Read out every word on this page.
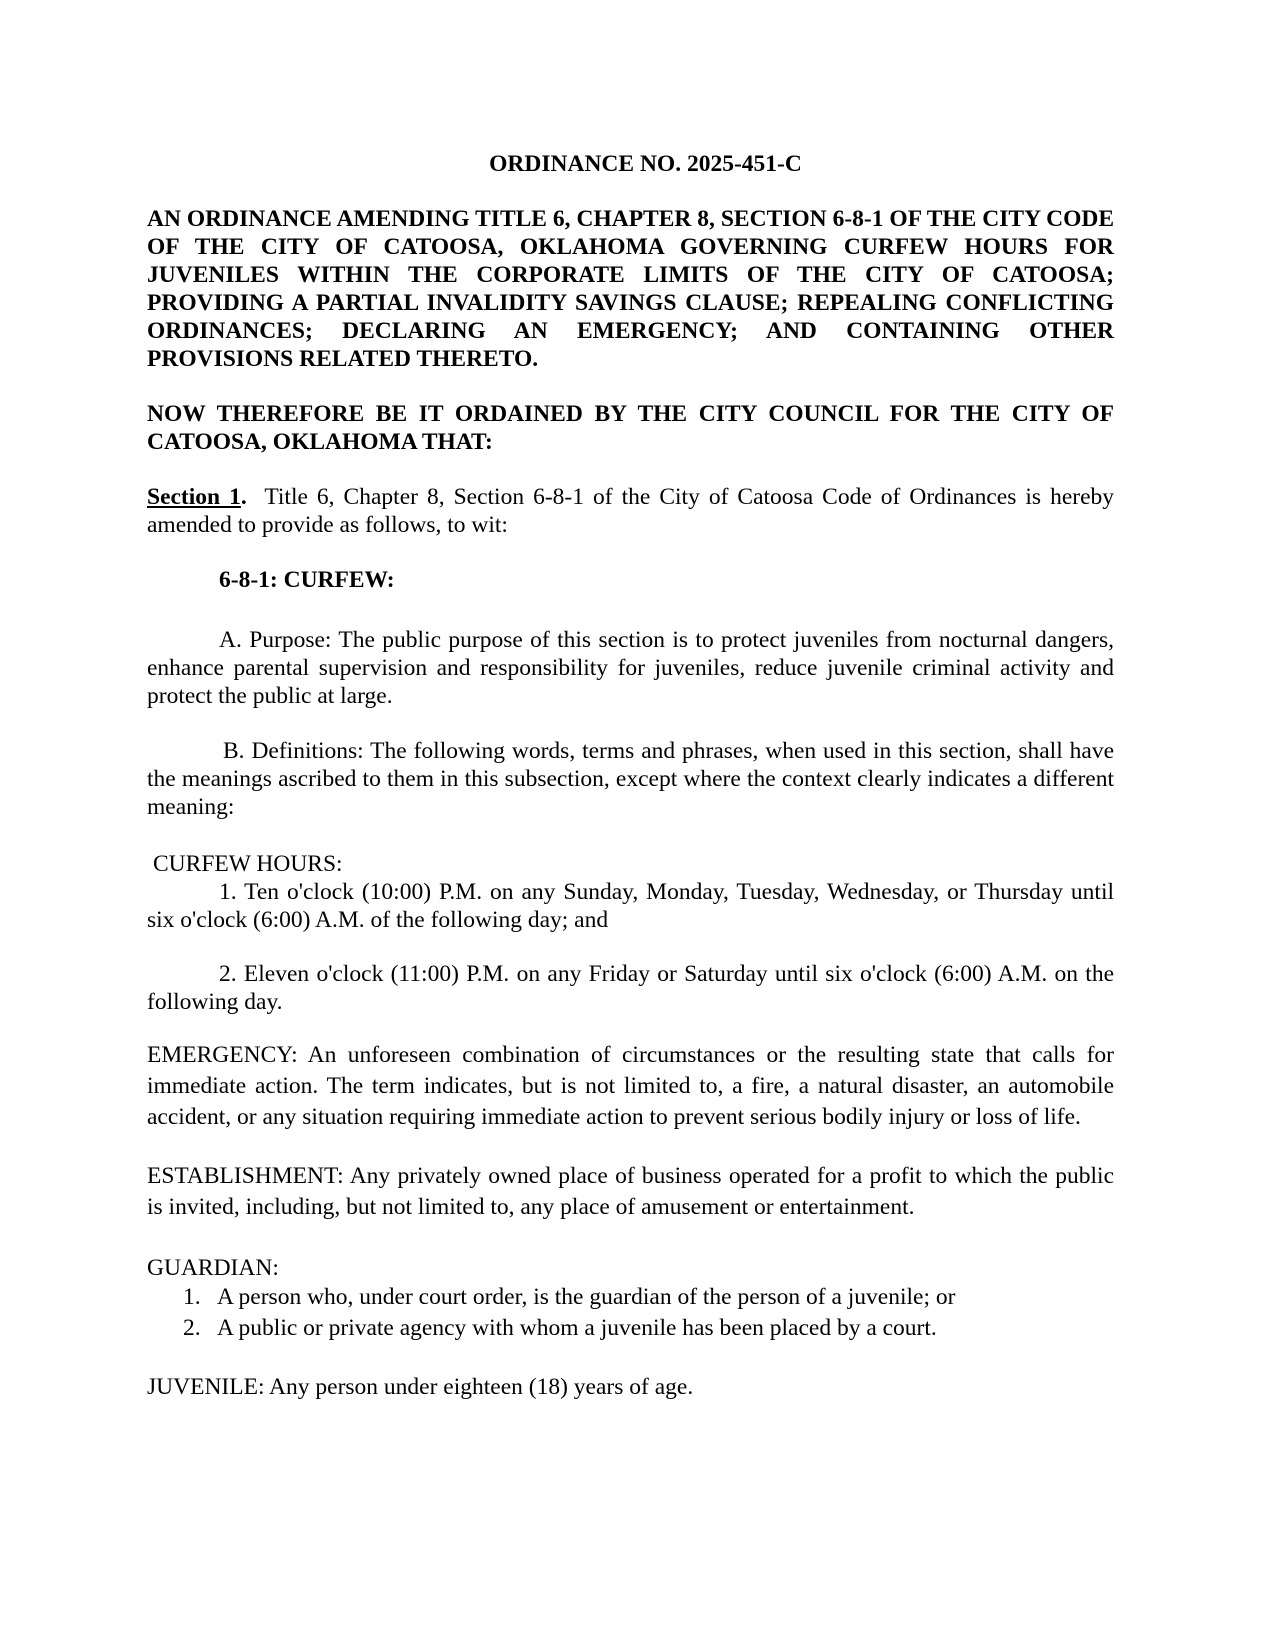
ORDINANCE NO. 2025-451-C

AN ORDINANCE AMENDING TITLE 6, CHAPTER 8, SECTION 6-8-1 OF THE CITY CODE OF THE CITY OF CATOOSA, OKLAHOMA GOVERNING CURFEW HOURS FOR JUVENILES WITHIN THE CORPORATE LIMITS OF THE CITY OF CATOOSA; PROVIDING A PARTIAL INVALIDITY SAVINGS CLAUSE; REPEALING CONFLICTING ORDINANCES; DECLARING AN EMERGENCY; AND CONTAINING OTHER PROVISIONS RELATED THERETO.

NOW THEREFORE BE IT ORDAINED BY THE CITY COUNCIL FOR THE CITY OF CATOOSA, OKLAHOMA THAT:

Section 1. Title 6, Chapter 8, Section 6-8-1 of the City of Catoosa Code of Ordinances is hereby amended to provide as follows, to wit:

6-8-1: CURFEW:

A. Purpose: The public purpose of this section is to protect juveniles from nocturnal dangers, enhance parental supervision and responsibility for juveniles, reduce juvenile criminal activity and protect the public at large.

B. Definitions: The following words, terms and phrases, when used in this section, shall have the meanings ascribed to them in this subsection, except where the context clearly indicates a different meaning:

CURFEW HOURS:

1. Ten o'clock (10:00) P.M. on any Sunday, Monday, Tuesday, Wednesday, or Thursday until six o'clock (6:00) A.M. of the following day; and

2. Eleven o'clock (11:00) P.M. on any Friday or Saturday until six o'clock (6:00) A.M. on the following day.

EMERGENCY: An unforeseen combination of circumstances or the resulting state that calls for immediate action. The term indicates, but is not limited to, a fire, a natural disaster, an automobile accident, or any situation requiring immediate action to prevent serious bodily injury or loss of life.

ESTABLISHMENT: Any privately owned place of business operated for a profit to which the public is invited, including, but not limited to, any place of amusement or entertainment.

GUARDIAN:

1. A person who, under court order, is the guardian of the person of a juvenile; or
2. A public or private agency with whom a juvenile has been placed by a court.

JUVENILE: Any person under eighteen (18) years of age.
